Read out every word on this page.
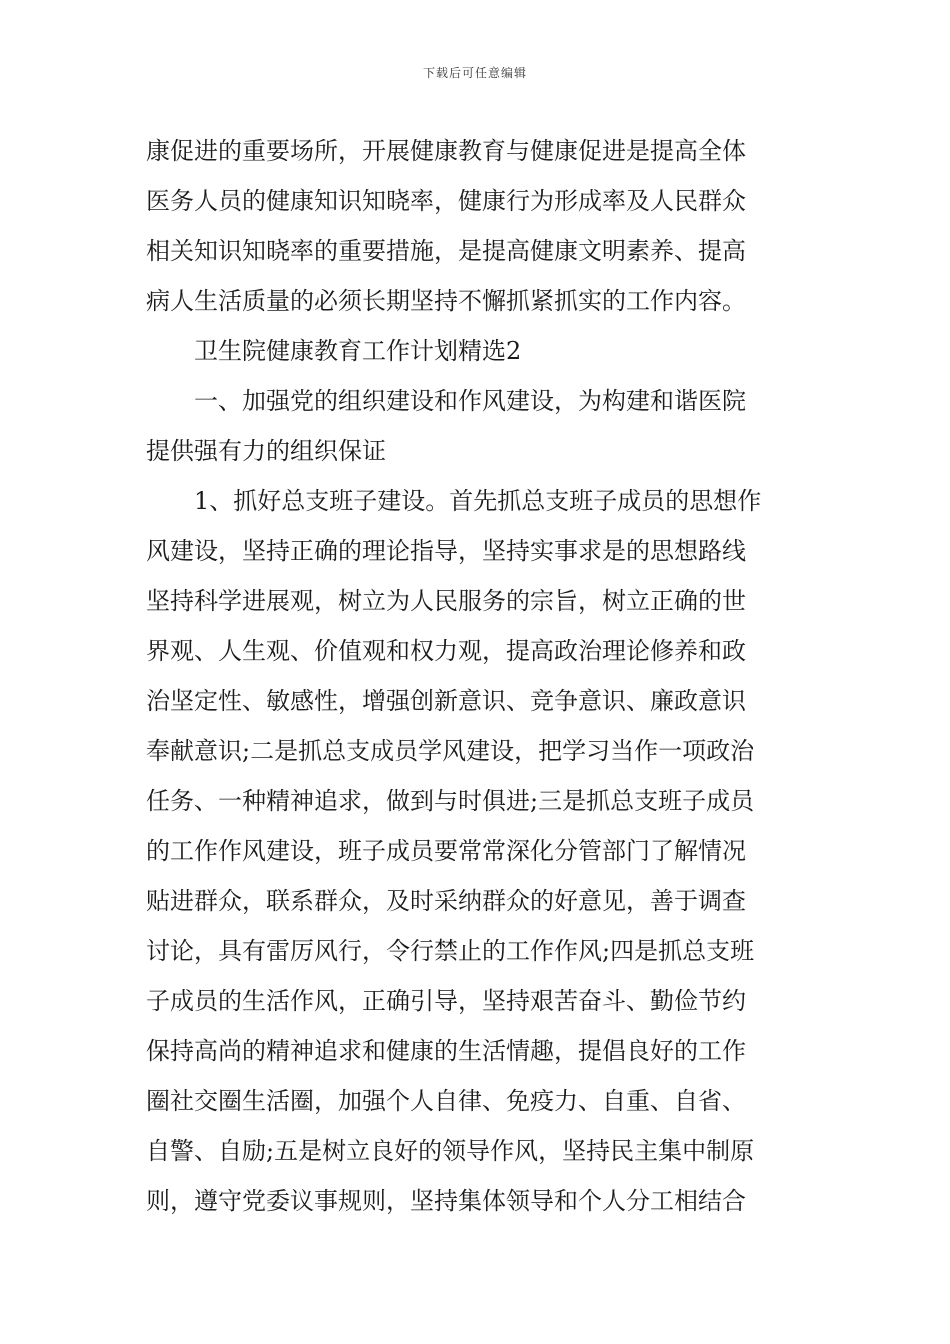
下载后可任意编辑
康促进的重要场所，开展健康教育与健康促进是提高全体
医务人员的健康知识知晓率，健康行为形成率及人民群众
相关知识知晓率的重要措施，是提高健康文明素养、提高
病人生活质量的必须长期坚持不懈抓紧抓实的工作内容。
卫生院健康教育工作计划精选2
一、加强党的组织建设和作风建设，为构建和谐医院
提供强有力的组织保证
1、抓好总支班子建设。首先抓总支班子成员的思想作
风建设，坚持正确的理论指导，坚持实事求是的思想路线
坚持科学进展观，树立为人民服务的宗旨，树立正确的世
界观、人生观、价值观和权力观，提高政治理论修养和政
治坚定性、敏感性，增强创新意识、竞争意识、廉政意识
奉献意识;二是抓总支成员学风建设，把学习当作一项政治
任务、一种精神追求，做到与时俱进;三是抓总支班子成员
的工作作风建设，班子成员要常常深化分管部门了解情况
贴进群众，联系群众，及时采纳群众的好意见，善于调查
讨论，具有雷厉风行，令行禁止的工作作风;四是抓总支班
子成员的生活作风，正确引导，坚持艰苦奋斗、勤俭节约
保持高尚的精神追求和健康的生活情趣，提倡良好的工作
圈社交圈生活圈，加强个人自律、免疫力、自重、自省、
自警、自励;五是树立良好的领导作风，坚持民主集中制原
则，遵守党委议事规则，坚持集体领导和个人分工相结合
